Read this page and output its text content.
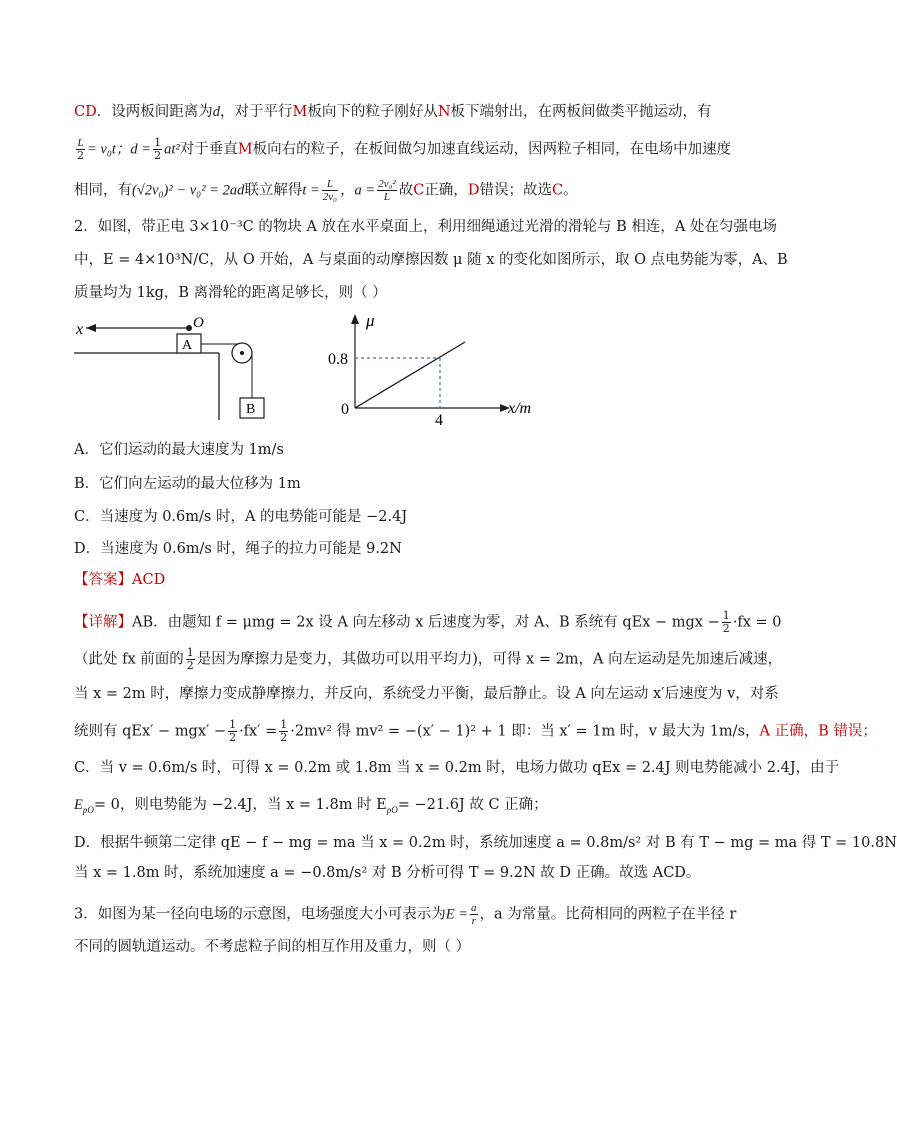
CD．设两板间距离为d，对于平行M板向下的粒子刚好从N板下端射出，在两板间做类平抛运动，有
$\frac{L}{2} = v_0t$；$d = \frac{1}{2} at^2$对于垂直M板向右的粒子，在板间做匀加速直线运动，因两粒子相同，在电场中加速度
相同，有(√2v₀)² − v₀² = 2ad联立解得$t = \frac{L}{\text{2v₀}}$ ，$a = \frac{\text{2v₀²}}{L}$ 故C正确，D错误；故选C。
2．如图，带正电 3×10⁻³C 的物块 A 放在水平桌面上，利用细绳通过光滑的滑轮与 B 相连，A 处在匀强电场
中，E = 4×10³N/C，从 O 开始，A 与桌面的动摩擦因数 μ 随 x 的变化如图所示，取 O 点电势能为零，A、B
质量均为 1kg，B 离滑轮的距离足够长，则（ ）
x	O
A
B
μ
x/m
0
0.8
4
A．它们运动的最大速度为 1m/s
B．它们向左运动的最大位移为 1m
C．当速度为 0.6m/s 时，A 的电势能可能是 −2.4J
D．当速度为 0.6m/s 时，绳子的拉力可能是 9.2N
【答案】ACD
【详解】AB．由题知 f = μmg = 2x 设 A 向左移动 x 后速度为零，对 A、B 系统有 qEx − mgx − $\frac{1}{2} \cdot fx = 0$
（此处 fx 前面的 $\frac{1}{2}$ 是因为摩擦力是变力，其做功可以用平均力)，可得 x = 2m，A 向左运动是先加速后减速，
当 x = 2m 时，摩擦力变成静摩擦力，并反向，系统受力平衡，最后静止。设 A 向左运动 x′后速度为 v，对系
统则有 $qEx' - mgx' - \frac{1}{2} \cdot fx' = \frac{1}{2} \cdot 2mv^2$ 得 mv² = −(x′ − 1)² + 1 即：当 x′ = 1m 时，v 最大为 1m/s，A 正确，B 错误；
C．当 v = 0.6m/s 时，可得 x = 0.2m 或 1.8m 当 x = 0.2m 时，电场力做功 qEx = 2.4J 则电势能减小 2.4J，由于
$E_{pO}= 0$，则电势能为 −2.4J，当 x = 1.8m 时 $E_{pO}= -21.6J$ 故 C 正确；
D．根据牛顿第二定律 qE − f − mg = ma 当 x = 0.2m 时，系统加速度 a = 0.8m/s² 对 B 有 T − mg = ma 得 T = 10.8N
当 x = 1.8m 时，系统加速度 a = −0.8m/s² 对 B 分析可得 T = 9.2N 故 D 正确。故选 ACD。
3．如图为某一径向电场的示意图，电场强度大小可表示为$E = \frac{a}{r}$ ，a 为常量。比荷相同的两粒子在半径 r
不同的圆轨道运动。不考虑粒子间的相互作用及重力，则（ ）
